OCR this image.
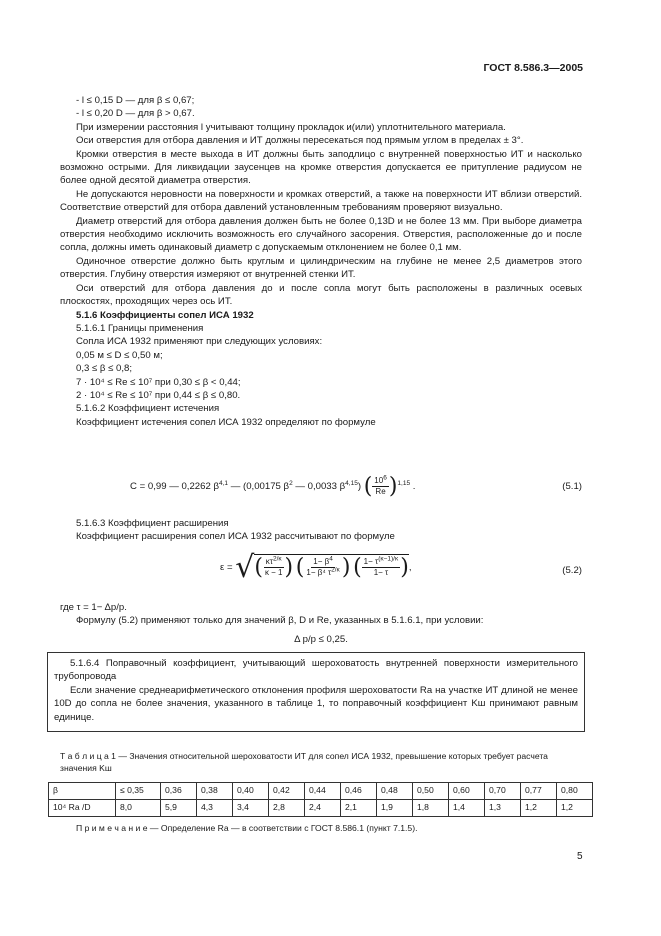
ГОСТ 8.586.3—2005

- l ≤ 0,15 D — для β ≤ 0,67;

- l ≤ 0,20 D — для β > 0,67.

При измерении расстояния l учитывают толщину прокладок и(или) уплотнительного материала.

Оси отверстия для отбора давления и ИТ должны пересекаться под прямым углом в пределах ± 3°.

Кромки отверстия в месте выхода в ИТ должны быть заподлицо с внутренней поверхностью ИТ и насколько возможно острыми. Для ликвидации заусенцев на кромке отверстия допускается ее притупление радиусом не более одной десятой диаметра отверстия.

Не допускаются неровности на поверхности и кромках отверстий, а также на поверхности ИТ вблизи отверстий. Соответствие отверстий для отбора давлений установленным требованиям проверяют визуально.

Диаметр отверстий для отбора давления должен быть не более 0,13D и не более 13 мм. При выборе диаметра отверстия необходимо исключить возможность его случайного засорения. Отверстия, расположенные до и после сопла, должны иметь одинаковый диаметр с допускаемым отклонением не более 0,1 мм.

Одиночное отверстие должно быть круглым и цилиндрическим на глубине не менее 2,5 диаметров этого отверстия. Глубину отверстия измеряют от внутренней стенки ИТ.

Оси отверстий для отбора давления до и после сопла могут быть расположены в различных осевых плоскостях, проходящих через ось ИТ.

5.1.6 Коэффициенты сопел ИСА 1932

5.1.6.1 Границы применения

Сопла ИСА 1932 применяют при следующих условиях:

0,05 м ≤ D ≤ 0,50 м;

0,3 ≤ β ≤ 0,8;

7 · 10⁴ ≤ Re ≤ 10⁷ при 0,30 ≤ β < 0,44;

2 · 10⁴ ≤ Re ≤ 10⁷ при 0,44 ≤ β ≤ 0,80.

5.1.6.2 Коэффициент истечения

Коэффициент истечения сопел ИСА 1932 определяют по формуле

C = 0,99 — 0,2262 $\beta^{4,1}$ — (0,00175 $\beta^2$ — 0,0033 $\beta^{4,15}$) ( $\frac{10^6}{Re} )^{1,15}$ .	(5.1)

5.1.6.3 Коэффициент расширения

Коэффициент расширения сопел ИСА 1932 рассчитывают по формуле

ε = √( $\frac{\kappa\tau^{2/\kappa}}{\kappa - 1}$ ) ( $\frac{1- \beta^4}{1- \beta^4 \tau^{2/\kappa}}$ ) ( $\frac{1- \tau^{(\kappa-1)/\kappa}}{1- \tau}$ ),	(5.2)

где τ = 1− Δp/p.

Формулу (5.2) применяют только для значений β, D и Re, указанных в 5.1.6.1, при условии:

Δ p/p ≤ 0,25.

5.1.6.4 Поправочный коэффициент, учитывающий шероховатость внутренней поверхности измерительного трубопровода

Если значение среднеарифметического отклонения профиля шероховатости Ra на участке ИТ длиной не менее 10D до сопла не более значения, указанного в таблице 1, то поправочный коэффициент Kш принимают равным единице.

Т а б л и ц а 1 — Значения относительной шероховатости ИТ для сопел ИСА 1932, превышение которых требует расчета значения Kш
β	≤ 0,35	0,36	0,38	0,40	0,42	0,44	0,46	0,48	0,50	0,60	0,70	0,77	0,80
10⁴ Ra /D	8,0	5,9	4,3	3,4	2,8	2,4	2,1	1,9	1,8	1,4	1,3	1,2	1,2
П р и м е ч а н и е — Определение Ra — в соответствии с ГОСТ 8.586.1 (пункт 7.1.5).
5
